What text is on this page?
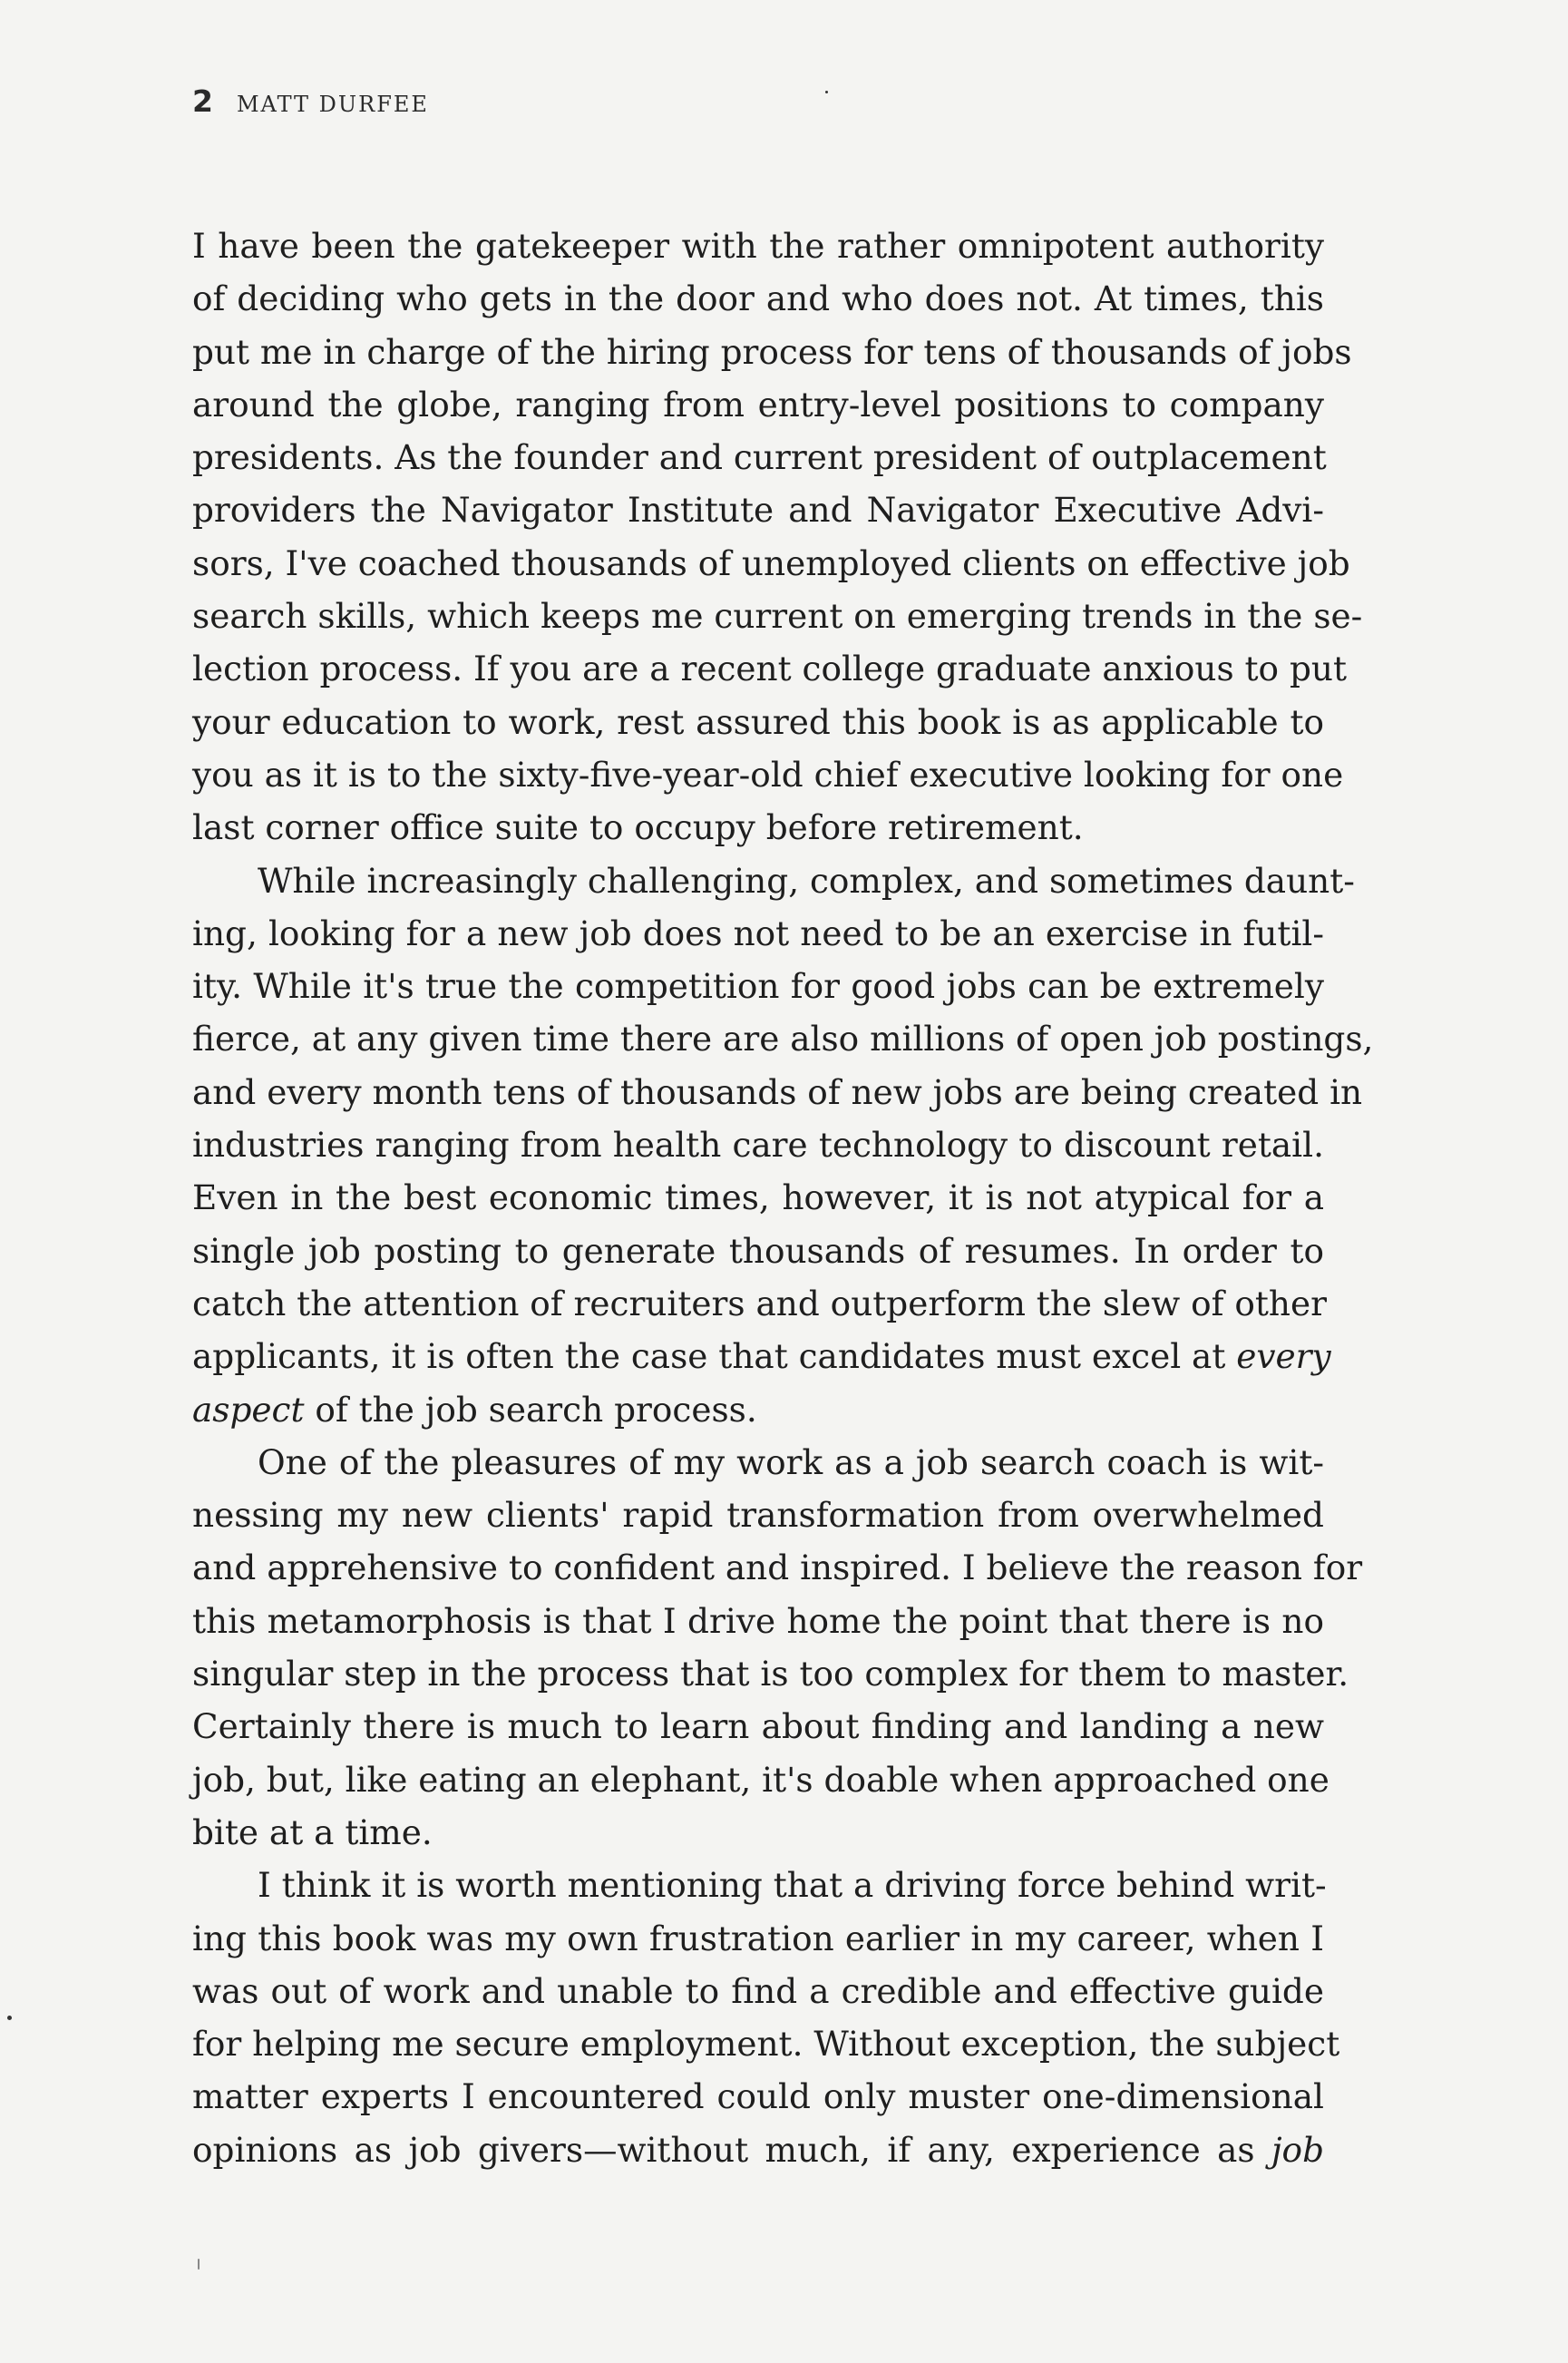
2 MATT DURFEE
I have been the gatekeeper with the rather omnipotent authority
of deciding who gets in the door and who does not. At times, this
put me in charge of the hiring process for tens of thousands of jobs
around the globe, ranging from entry-level positions to company
presidents. As the founder and current president of outplacement
providers the Navigator Institute and Navigator Executive Advi-
sors, I've coached thousands of unemployed clients on effective job
search skills, which keeps me current on emerging trends in the se-
lection process. If you are a recent college graduate anxious to put
your education to work, rest assured this book is as applicable to
you as it is to the sixty-five-year-old chief executive looking for one
last corner office suite to occupy before retirement.
While increasingly challenging, complex, and sometimes daunt-
ing, looking for a new job does not need to be an exercise in futil-
ity. While it's true the competition for good jobs can be extremely
fierce, at any given time there are also millions of open job postings,
and every month tens of thousands of new jobs are being created in
industries ranging from health care technology to discount retail.
Even in the best economic times, however, it is not atypical for a
single job posting to generate thousands of resumes. In order to
catch the attention of recruiters and outperform the slew of other
applicants, it is often the case that candidates must excel at every
aspect of the job search process.
One of the pleasures of my work as a job search coach is wit-
nessing my new clients' rapid transformation from overwhelmed
and apprehensive to confident and inspired. I believe the reason for
this metamorphosis is that I drive home the point that there is no
singular step in the process that is too complex for them to master.
Certainly there is much to learn about finding and landing a new
job, but, like eating an elephant, it's doable when approached one
bite at a time.
I think it is worth mentioning that a driving force behind writ-
ing this book was my own frustration earlier in my career, when I
was out of work and unable to find a credible and effective guide
for helping me secure employment. Without exception, the subject
matter experts I encountered could only muster one-dimensional
opinions as job givers—without much, if any, experience as job
